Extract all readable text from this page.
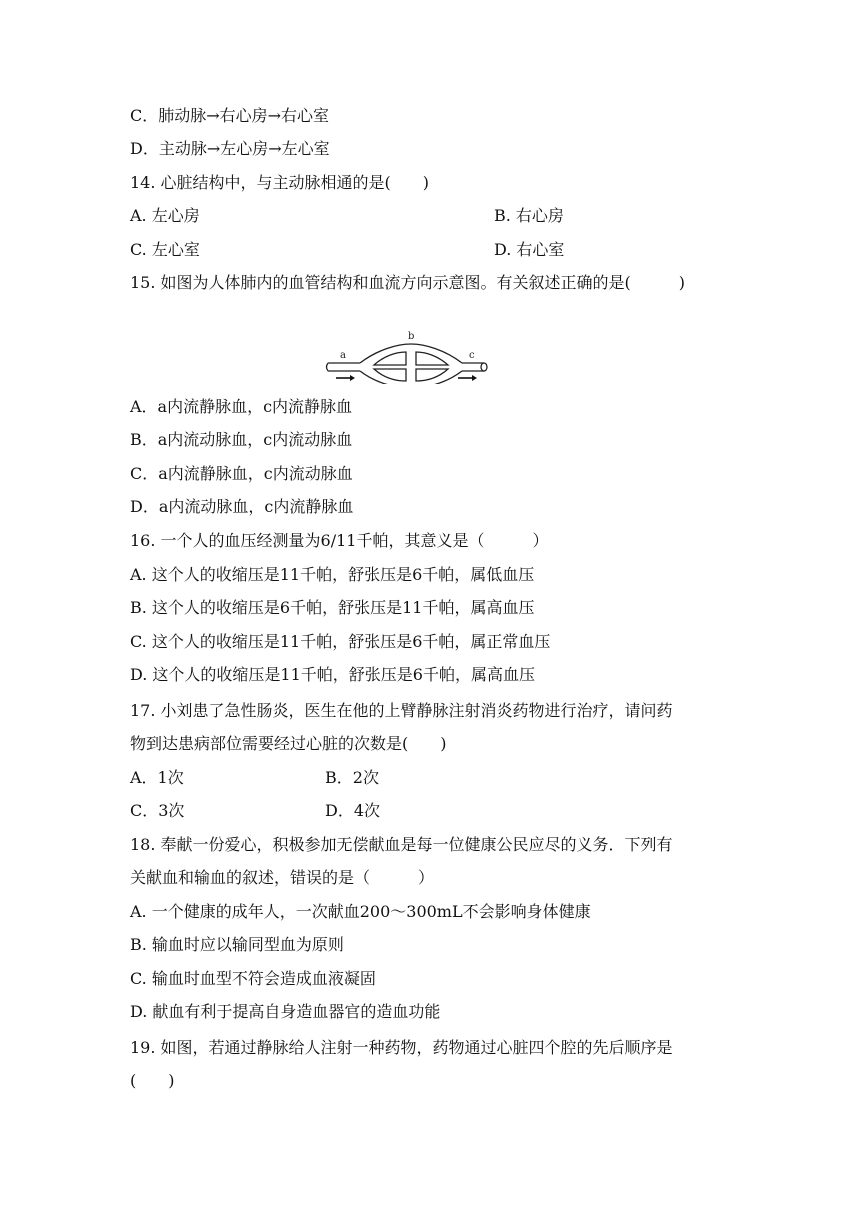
C．肺动脉→右心房→右心室
D．主动脉→左心房→左心室
14. 心脏结构中，与主动脉相通的是(　　)
A. 左心房	B. 右心房
C. 左心室	D. 右心室
15. 如图为人体肺内的血管结构和血流方向示意图。有关叙述正确的是(　　　)
a
b
c
A．a内流静脉血，c内流静脉血
B．a内流动脉血，c内流动脉血
C．a内流静脉血，c内流动脉血
D．a内流动脉血，c内流静脉血
16. 一个人的血压经测量为6/11千帕，其意义是（　　　）
A. 这个人的收缩压是11千帕，舒张压是6千帕，属低血压
B. 这个人的收缩压是6千帕，舒张压是11千帕，属高血压
C. 这个人的收缩压是11千帕，舒张压是6千帕，属正常血压
D. 这个人的收缩压是11千帕，舒张压是6千帕，属高血压
17. 小刘患了急性肠炎，医生在他的上臂静脉注射消炎药物进行治疗，请问药
物到达患病部位需要经过心脏的次数是(　　)
A．1次	B．2次
C．3次	D．4次
18. 奉献一份爱心，积极参加无偿献血是每一位健康公民应尽的义务．下列有
关献血和输血的叙述，错误的是（　　　）
A. 一个健康的成年人，一次献血200～300mL不会影响身体健康
B. 输血时应以输同型血为原则
C. 输血时血型不符会造成血液凝固
D. 献血有利于提高自身造血器官的造血功能
19. 如图，若通过静脉给人注射一种药物，药物通过心脏四个腔的先后顺序是
(　　)
